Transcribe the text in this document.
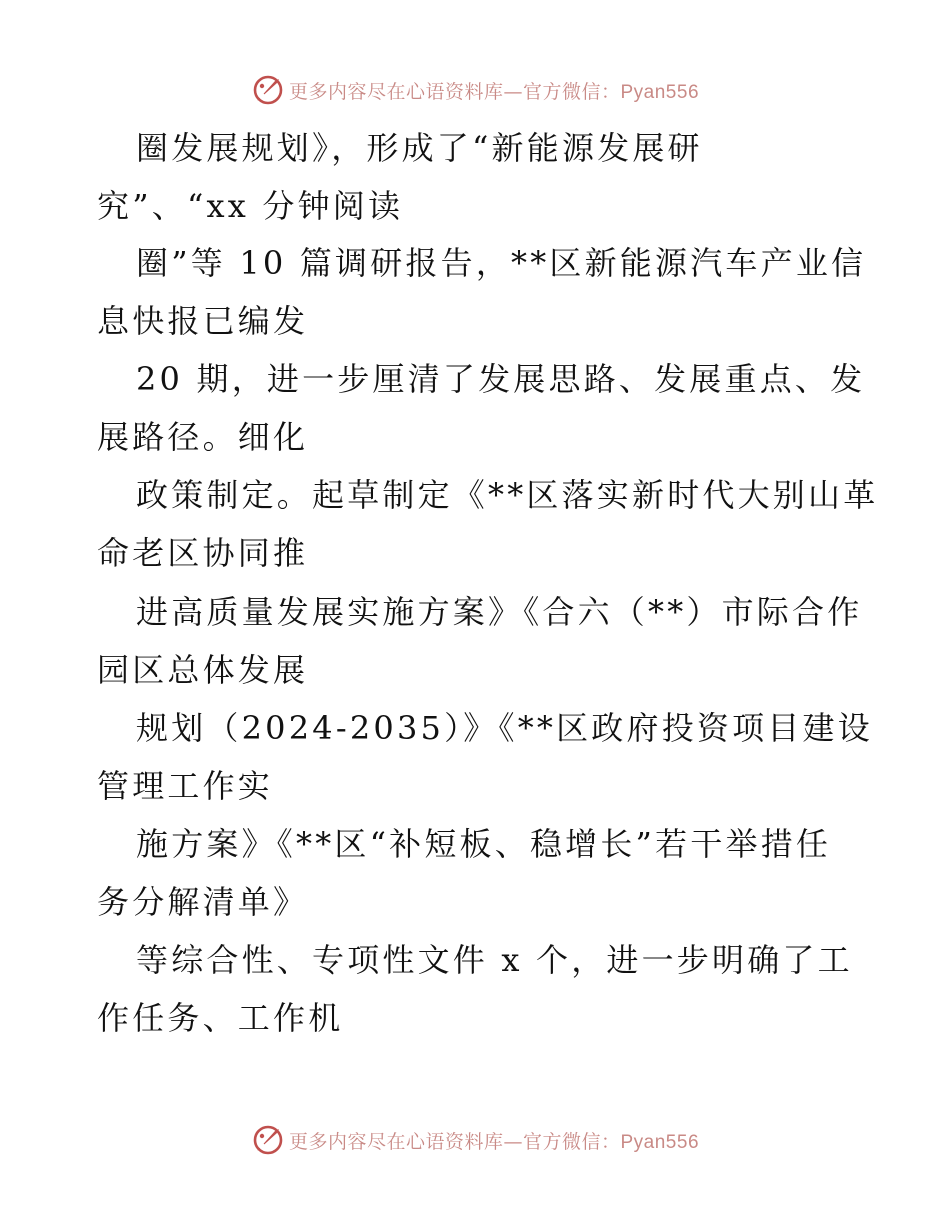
更多内容尽在心语资料库—官方微信：Pyan556
圈发展规划》，形成了“新能源发展研
究”、“xx 分钟阅读
圈”等 10 篇调研报告，**区新能源汽车产业信
息快报已编发
20 期，进一步厘清了发展思路、发展重点、发
展路径。细化
政策制定。起草制定《**区落实新时代大别山革
命老区协同推
进高质量发展实施方案》《合六（**）市际合作
园区总体发展
规划（2024-2035）》《**区政府投资项目建设
管理工作实
施方案》《**区“补短板、稳增长”若干举措任
务分解清单》
等综合性、专项性文件 x 个，进一步明确了工
作任务、工作机
更多内容尽在心语资料库—官方微信：Pyan556
